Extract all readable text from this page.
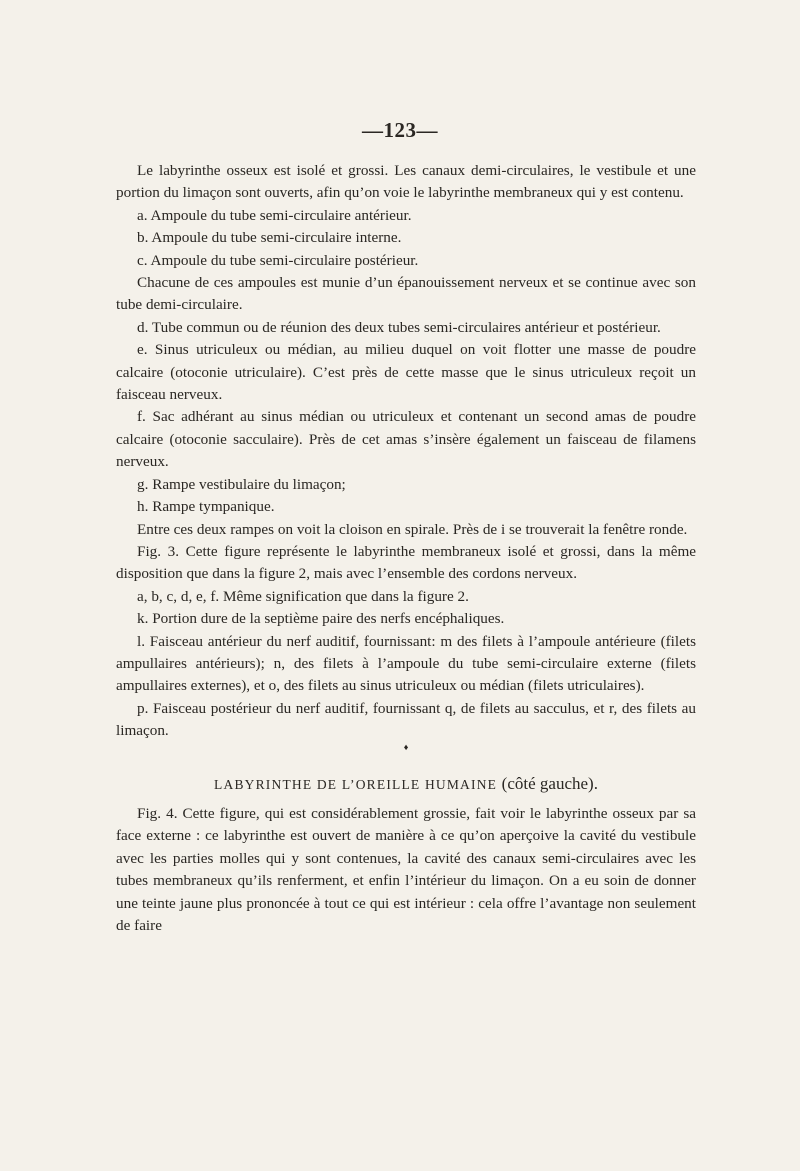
—123—

Le labyrinthe osseux est isolé et grossi. Les canaux demi-circulaires, le vestibule et une portion du limaçon sont ouverts, afin qu’on voie le labyrinthe membraneux qui y est contenu.

a. Ampoule du tube semi-circulaire antérieur.

b. Ampoule du tube semi-circulaire interne.

c. Ampoule du tube semi-circulaire postérieur.

Chacune de ces ampoules est munie d’un épanouissement nerveux et se continue avec son tube demi-circulaire.

d. Tube commun ou de réunion des deux tubes semi-circulaires antérieur et postérieur.

e. Sinus utriculeux ou médian, au milieu duquel on voit flotter une masse de poudre calcaire (otoconie utriculaire). C’est près de cette masse que le sinus utriculeux reçoit un faisceau nerveux.

f. Sac adhérant au sinus médian ou utriculeux et contenant un second amas de poudre calcaire (otoconie sacculaire). Près de cet amas s’insère également un faisceau de filamens nerveux.

g. Rampe vestibulaire du limaçon;

h. Rampe tympanique.

Entre ces deux rampes on voit la cloison en spirale. Près de i se trouverait la fenêtre ronde.

Fig. 3. Cette figure représente le labyrinthe membraneux isolé et grossi, dans la même disposition que dans la figure 2, mais avec l’ensemble des cordons nerveux.

a, b, c, d, e, f. Même signification que dans la figure 2.

k. Portion dure de la septième paire des nerfs encéphaliques.

l. Faisceau antérieur du nerf auditif, fournissant: m des filets à l’ampoule antérieure (filets ampullaires antérieurs); n, des filets à l’ampoule du tube semi-circulaire externe (filets ampullaires externes), et o, des filets au sinus utriculeux ou médian (filets utriculaires).

p. Faisceau postérieur du nerf auditif, fournissant q, de filets au sacculus, et r, des filets au limaçon.

♦

LABYRINTHE DE L’OREILLE HUMAINE (côté gauche).

Fig. 4. Cette figure, qui est considérablement grossie, fait voir le labyrinthe osseux par sa face externe : ce labyrinthe est ouvert de manière à ce qu’on aperçoive la cavité du vestibule avec les parties molles qui y sont contenues, la cavité des canaux semi-circulaires avec les tubes membraneux qu’ils renferment, et enfin l’intérieur du limaçon. On a eu soin de donner une teinte jaune plus prononcée à tout ce qui est intérieur : cela offre l’avantage non seulement de faire
